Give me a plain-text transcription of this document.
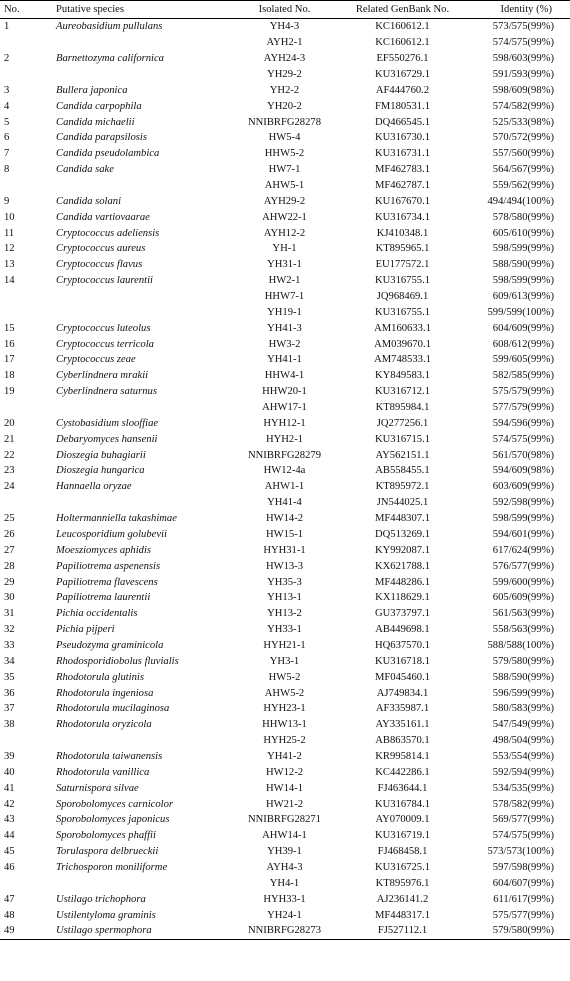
No.	Putative species	Isolated No.	Related GenBank No.	Identity (%)
1	Aureobasidium pullulans	YH4-3	KC160612.1	573/575(99%)
		AYH2-1	KC160612.1	574/575(99%)
2	Barnettozyma californica	AYH24-3	EF550276.1	598/603(99%)
		YH29-2	KU316729.1	591/593(99%)
3	Bullera japonica	YH2-2	AF444760.2	598/609(98%)
4	Candida carpophila	YH20-2	FM180531.1	574/582(99%)
5	Candida michaelii	NNIBRFG28278	DQ466545.1	525/533(98%)
6	Candida parapsilosis	HW5-4	KU316730.1	570/572(99%)
7	Candida pseudolambica	HHW5-2	KU316731.1	557/560(99%)
8	Candida sake	HW7-1	MF462783.1	564/567(99%)
		AHW5-1	MF462787.1	559/562(99%)
9	Candida solani	AYH29-2	KU167670.1	494/494(100%)
10	Candida vartiovaarae	AHW22-1	KU316734.1	578/580(99%)
11	Cryptococcus adeliensis	AYH12-2	KJ410348.1	605/610(99%)
12	Cryptococcus aureus	YH-1	KT895965.1	598/599(99%)
13	Cryptococcus flavus	YH31-1	EU177572.1	588/590(99%)
14	Cryptococcus laurentii	HW2-1	KU316755.1	598/599(99%)
		HHW7-1	JQ968469.1	609/613(99%)
		YH19-1	KU316755.1	599/599(100%)
15	Cryptococcus luteolus	YH41-3	AM160633.1	604/609(99%)
16	Cryptococcus terricola	HW3-2	AM039670.1	608/612(99%)
17	Cryptococcus zeae	YH41-1	AM748533.1	599/605(99%)
18	Cyberlindnera mrakii	HHW4-1	KY849583.1	582/585(99%)
19	Cyberlindnera saturnus	HHW20-1	KU316712.1	575/579(99%)
		AHW17-1	KT895984.1	577/579(99%)
20	Cystobasidium slooffiae	HYH12-1	JQ277256.1	594/596(99%)
21	Debaryomyces hansenii	HYH2-1	KU316715.1	574/575(99%)
22	Dioszegia buhagiarii	NNIBRFG28279	AY562151.1	561/570(98%)
23	Dioszegia hungarica	HW12-4a	AB558455.1	594/609(98%)
24	Hannaella oryzae	AHW1-1	KT895972.1	603/609(99%)
		YH41-4	JN544025.1	592/598(99%)
25	Holtermanniella takashimae	HW14-2	MF448307.1	598/599(99%)
26	Leucosporidium golubevii	HW15-1	DQ513269.1	594/601(99%)
27	Moesziomyces aphidis	HYH31-1	KY992087.1	617/624(99%)
28	Papiliotrema aspenensis	HW13-3	KX621788.1	576/577(99%)
29	Papiliotrema flavescens	YH35-3	MF448286.1	599/600(99%)
30	Papiliotrema laurentii	YH13-1	KX118629.1	605/609(99%)
31	Pichia occidentalis	YH13-2	GU373797.1	561/563(99%)
32	Pichia pijperi	YH33-1	AB449698.1	558/563(99%)
33	Pseudozyma graminicola	HYH21-1	HQ637570.1	588/588(100%)
34	Rhodosporidiobolus fluvialis	YH3-1	KU316718.1	579/580(99%)
35	Rhodotorula glutinis	HW5-2	MF045460.1	588/590(99%)
36	Rhodotorula ingeniosa	AHW5-2	AJ749834.1	596/599(99%)
37	Rhodotorula mucilaginosa	HYH23-1	AF335987.1	580/583(99%)
38	Rhodotorula oryzicola	HHW13-1	AY335161.1	547/549(99%)
		HYH25-2	AB863570.1	498/504(99%)
39	Rhodotorula taiwanensis	YH41-2	KR995814.1	553/554(99%)
40	Rhodotorula vanillica	HW12-2	KC442286.1	592/594(99%)
41	Saturnispora silvae	HW14-1	FJ463644.1	534/535(99%)
42	Sporobolomyces carnicolor	HW21-2	KU316784.1	578/582(99%)
43	Sporobolomyces japonicus	NNIBRFG28271	AY070009.1	569/577(99%)
44	Sporobolomyces phaffii	AHW14-1	KU316719.1	574/575(99%)
45	Torulaspora delbrueckii	YH39-1	FJ468458.1	573/573(100%)
46	Trichosporon moniliforme	AYH4-3	KU316725.1	597/598(99%)
		YH4-1	KT895976.1	604/607(99%)
47	Ustilago trichophora	HYH33-1	AJ236141.2	611/617(99%)
48	Ustilentyloma graminis	YH24-1	MF448317.1	575/577(99%)
49	Ustilago spermophora	NNIBRFG28273	FJ527112.1	579/580(99%)
